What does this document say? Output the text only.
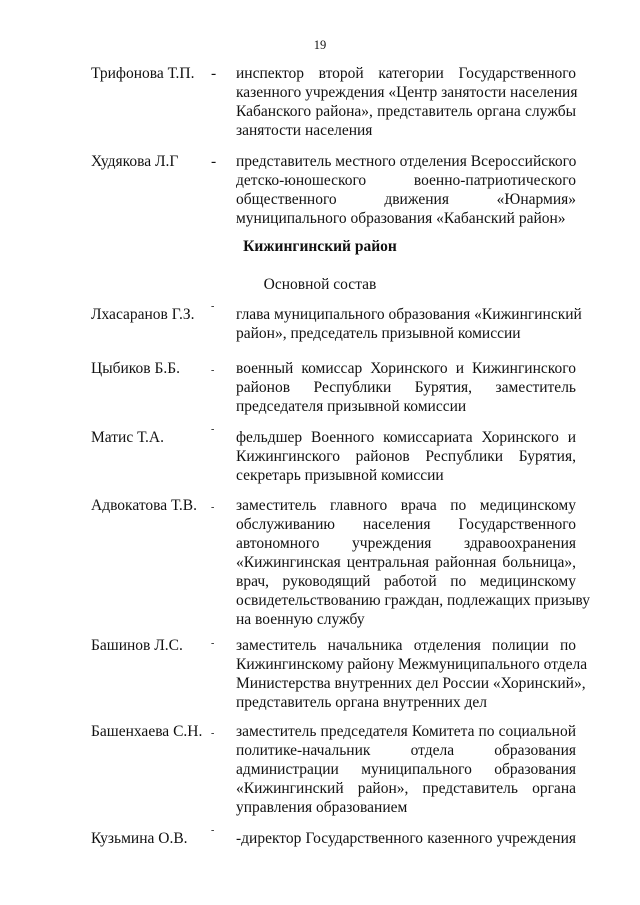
19
Трифонова Т.П. - инспектор второй категории Государственного
казенного учреждения «Центр занятости населения
Кабанского района», представитель органа службы
занятости населения
Худякова Л.Г - представитель местного отделения Всероссийского
детско-юношеского военно-патриотического
общественного движения «Юнармия»
муниципального образования «Кабанский район»
Кижингинский район
Основной состав
Лхасаранов Г.З. - глава муниципального образования «Кижингинский
район», председатель призывной комиссии
Цыбиков Б.Б.	- военный комиссар Хоринского и Кижингинского
районов Республики Бурятия, заместитель
председателя призывной комиссии
Матис Т.А.	- фельдшер Военного комиссариата Хоринского и
Кижингинского районов Республики Бурятия,
секретарь призывной комиссии
Адвокатова Т.В. - заместитель главного врача по медицинскому
обслуживанию населения Государственного
автономного учреждения здравоохранения
«Кижингинская центральная районная больница»,
врач, руководящий работой по медицинскому
освидетельствованию граждан, подлежащих призыву
на военную службу
Башинов Л.С.	- заместитель начальника отделения полиции по
Кижингинскому району Межмуниципального отдела
Министерства внутренних дел России «Хоринский»,
представитель органа внутренних дел
Башенхаева С.Н. - заместитель председателя Комитета по социальной
политике-начальник отдела образования
администрации муниципального образования
«Кижингинский район», представитель органа
управления образованием
Кузьмина О.В. - -директор Государственного казенного учреждения
